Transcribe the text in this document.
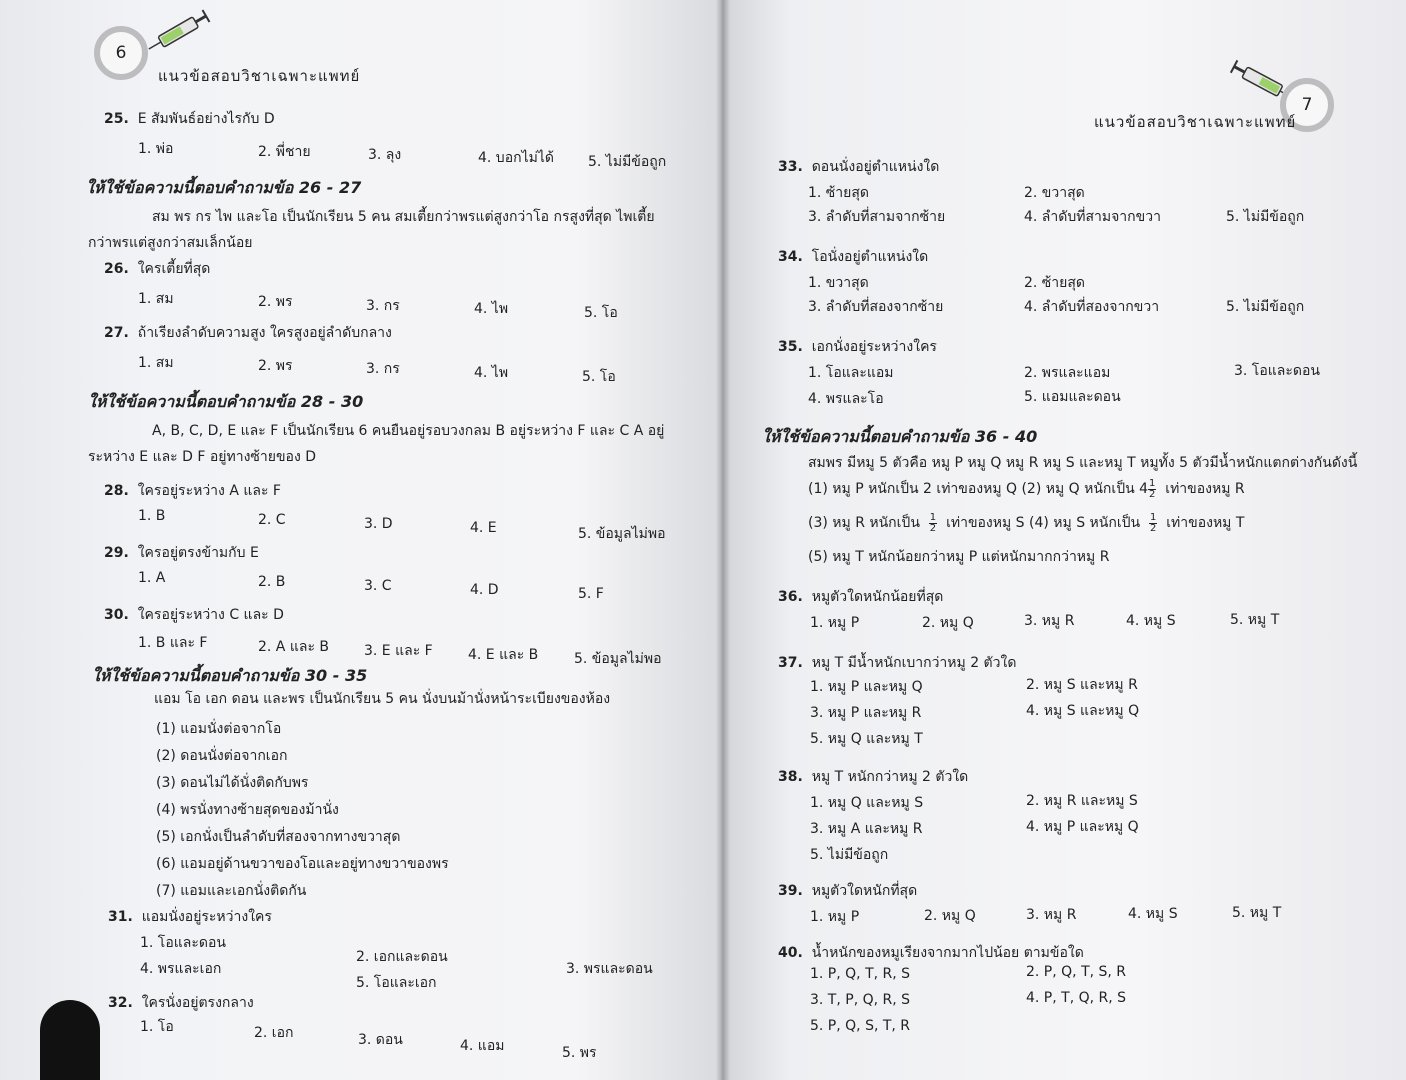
6
แนวข้อสอบวิชาเฉพาะแพทย์
25. E สัมพันธ์อย่างไรกับ D
1. พ่อ	2. พี่ชาย	3. ลุง	4. บอกไม่ได้ 5. ไม่มีข้อถูก
ให้ใช้ข้อความนี้ตอบคำถามข้อ 26 - 27
สม พร กร ไพ และโอ เป็นนักเรียน 5 คน สมเตี้ยกว่าพรแต่สูงกว่าโอ กรสูงที่สุด ไพเตี้ย
กว่าพรแต่สูงกว่าสมเล็กน้อย
26. ใครเตี้ยที่สุด
1. สม	2. พร	3. กร	4. ไพ	5. โอ
27. ถ้าเรียงลำดับความสูง ใครสูงอยู่ลำดับกลาง
1. สม	2. พร	3. กร	4. ไพ	5. โอ
ให้ใช้ข้อความนี้ตอบคำถามข้อ 28 - 30
A, B, C, D, E และ F เป็นนักเรียน 6 คนยืนอยู่รอบวงกลม B อยู่ระหว่าง F และ C A อยู่
ระหว่าง E และ D F อยู่ทางซ้ายของ D
28. ใครอยู่ระหว่าง A และ F
1. B	2. C	3. D	4. E	5. ข้อมูลไม่พอ
29. ใครอยู่ตรงข้ามกับ E
1. A	2. B	3. C	4. D	5. F
30. ใครอยู่ระหว่าง C และ D
1. B และ F	2. A และ B 3. E และ F	4. E และ B	5. ข้อมูลไม่พอ
ให้ใช้ข้อความนี้ตอบคำถามข้อ 30 - 35
แอม โอ เอก ดอน และพร เป็นนักเรียน 5 คน นั่งบนม้านั่งหน้าระเบียงของห้อง
(1) แอมนั่งต่อจากโอ
(2) ดอนนั่งต่อจากเอก
(3) ดอนไม่ได้นั่งติดกับพร
(4) พรนั่งทางซ้ายสุดของม้านั่ง
(5) เอกนั่งเป็นลำดับที่สองจากทางขวาสุด
(6) แอมอยู่ด้านขวาของโอและอยู่ทางขวาของพร
(7) แอมและเอกนั่งติดกัน
31. แอมนั่งอยู่ระหว่างใคร
1. โอและดอน
2. เอกและดอน
3. พรและดอน
4. พรและเอก
5. โอและเอก
32. ใครนั่งอยู่ตรงกลาง
1. โอ	2. เอก	3. ดอน	4. แอม	5. พร
7
แนวข้อสอบวิชาเฉพาะแพทย์
33. ดอนนั่งอยู่ตำแหน่งใด
1. ซ้ายสุด	2. ขวาสุด
3. ลำดับที่สามจากซ้าย	4. ลำดับที่สามจากขวา	5. ไม่มีข้อถูก
34. โอนั่งอยู่ตำแหน่งใด
1. ขวาสุด	2. ซ้ายสุด
3. ลำดับที่สองจากซ้าย	4. ลำดับที่สองจากขวา	5. ไม่มีข้อถูก
35. เอกนั่งอยู่ระหว่างใคร
1. โอและแอม	2. พรและแอม	3. โอและดอน
4. พรและโอ	5. แอมและดอน
ให้ใช้ข้อความนี้ตอบคำถามข้อ 36 - 40
สมพร มีหมู 5 ตัวคือ หมู P หมู Q หมู R หมู S และหมู T หมูทั้ง 5 ตัวมีน้ำหนักแตกต่างกันดังนี้
(1) หมู P หนักเป็น 2 เท่าของหมู Q (2) หมู Q หนักเป็น $4 \frac{1}{2}$ เท่าของหมู R
(3) หมู R หนักเป็น $\frac{1}{2}$ เท่าของหมู S (4) หมู S หนักเป็น $\frac{1}{2}$ เท่าของหมู T
(5) หมู T หนักน้อยกว่าหมู P แต่หนักมากกว่าหมู R
36. หมูตัวใดหนักน้อยที่สุด
1. หมู P	2. หมู Q	3. หมู R	4. หมู S	5. หมู T
37. หมู T มีน้ำหนักเบากว่าหมู 2 ตัวใด
1. หมู P และหมู Q	2. หมู S และหมู R
3. หมู P และหมู R	4. หมู S และหมู Q
5. หมู Q และหมู T
38. หมู T หนักกว่าหมู 2 ตัวใด
1. หมู Q และหมู S	2. หมู R และหมู S
3. หมู A และหมู R	4. หมู P และหมู Q
5. ไม่มีข้อถูก
39. หมูตัวใดหนักที่สุด
1. หมู P	2. หมู Q	3. หมู R	4. หมู S	5. หมู T
40. น้ำหนักของหมูเรียงจากมากไปน้อย ตามข้อใด
1. P, Q, T, R, S	2. P, Q, T, S, R
3. T, P, Q, R, S	4. P, T, Q, R, S
5. P, Q, S, T, R
